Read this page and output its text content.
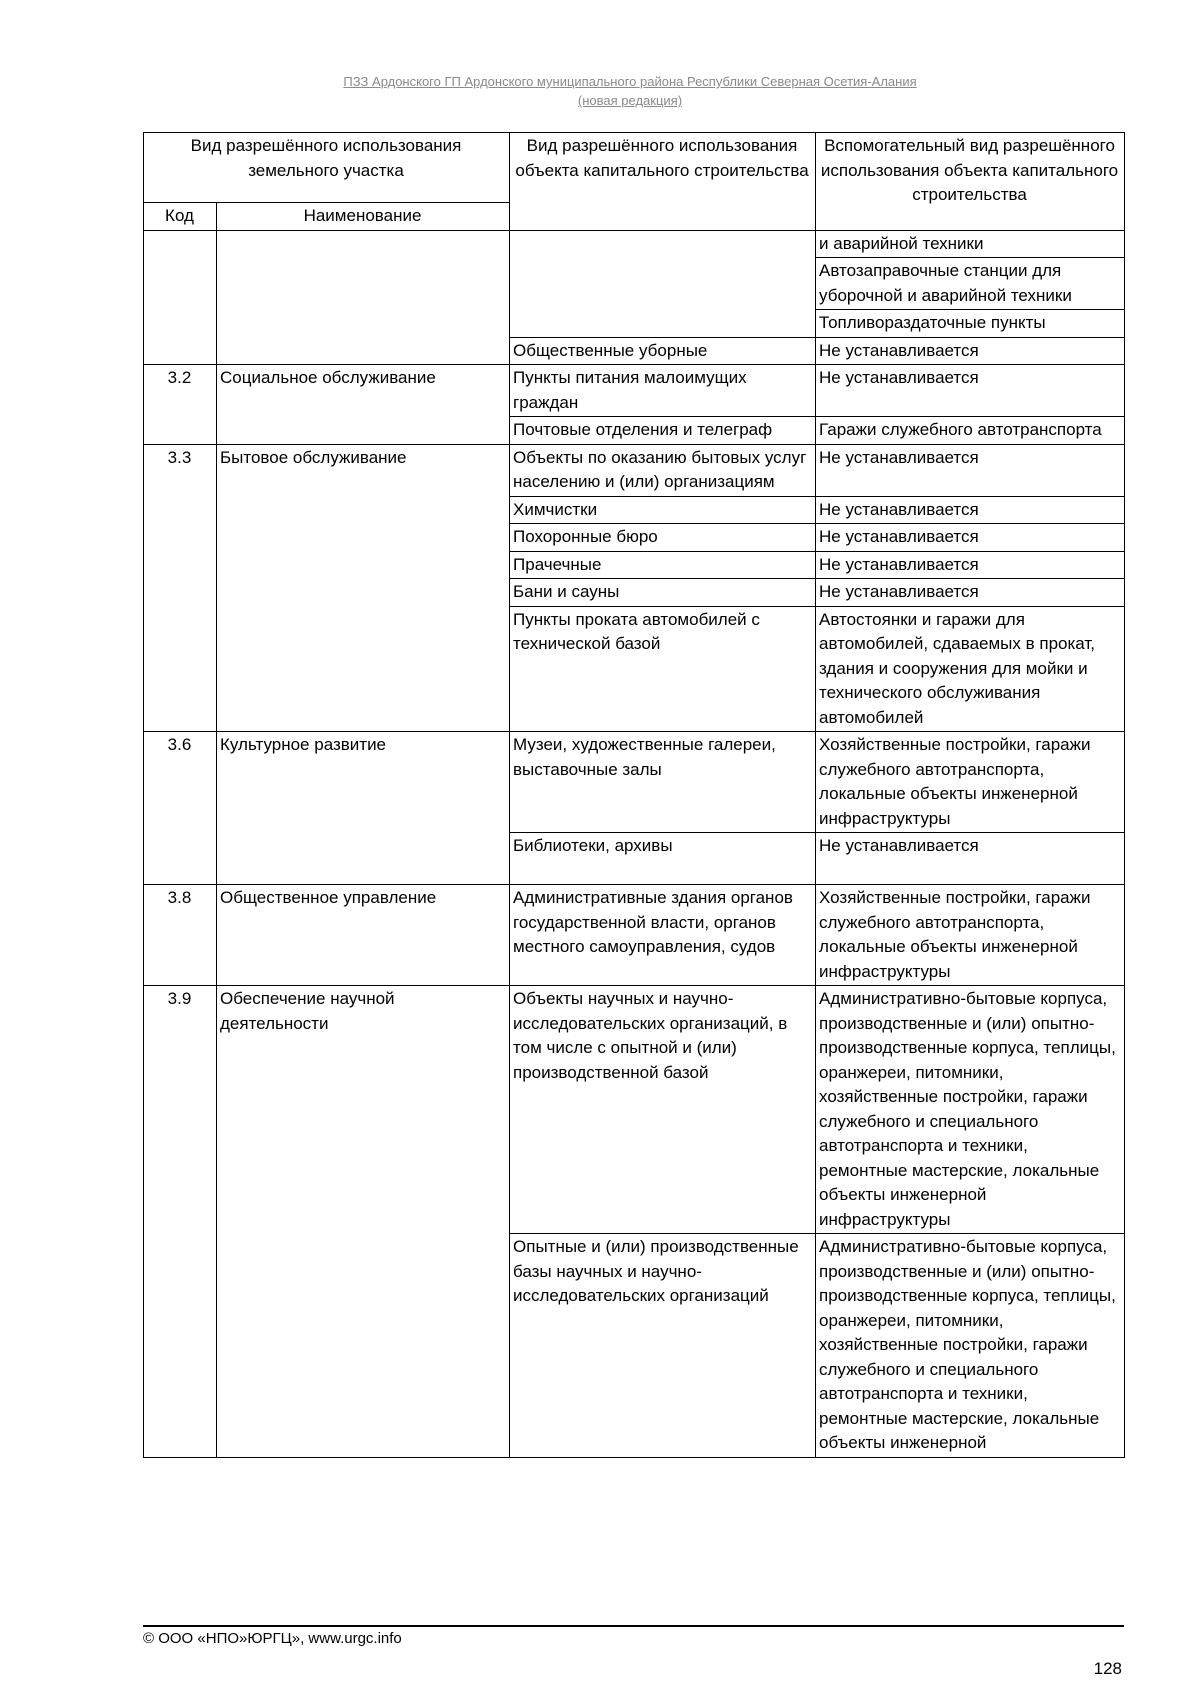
ПЗЗ Ардонского ГП Ардонского муниципального района Республики Северная Осетия-Алания
(новая редакция)
Вид разрешённого использования земельного участка		Вид разрешённого использования объекта капитального строительства	Вспомогательный вид разрешённого использования объекта капитального строительства
Код	Наименование		
			и аварийной техники
			Автозаправочные станции для уборочной и аварийной техники
			Топливораздаточные пункты
		Общественные уборные	Не устанавливается
3.2	Социальное обслуживание	Пункты питания малоимущих граждан	Не устанавливается
		Почтовые отделения и телеграф	Гаражи служебного автотранспорта
3.3	Бытовое обслуживание	Объекты по оказанию бытовых услуг населению и (или) организациям	Не устанавливается
		Химчистки	Не устанавливается
		Похоронные бюро	Не устанавливается
		Прачечные	Не устанавливается
		Бани и сауны	Не устанавливается
		Пункты проката автомобилей с технической базой	Автостоянки и гаражи для автомобилей, сдаваемых в прокат, здания и сооружения для мойки и технического обслуживания автомобилей
3.6	Культурное развитие	Музеи, художественные галереи, выставочные залы	Хозяйственные постройки, гаражи служебного автотранспорта, локальные объекты инженерной инфраструктуры
		Библиотеки, архивы	Не устанавливается
3.8	Общественное управление	Административные здания органов государственной власти, органов местного самоуправления, судов	Хозяйственные постройки, гаражи служебного автотранспорта, локальные объекты инженерной инфраструктуры
3.9	Обеспечение научной деятельности	Объекты научных и научно-исследовательских организаций, в том числе с опытной и (или) производственной базой	Административно-бытовые корпуса, производственные и (или) опытно-производственные корпуса, теплицы, оранжереи, питомники, хозяйственные постройки, гаражи служебного и специального автотранспорта и техники, ремонтные мастерские, локальные объекты инженерной инфраструктуры
		Опытные и (или) производственные базы научных и научно-исследовательских организаций	Административно-бытовые корпуса, производственные и (или) опытно-производственные корпуса, теплицы, оранжереи, питомники, хозяйственные постройки, гаражи служебного и специального автотранспорта и техники, ремонтные мастерские, локальные объекты инженерной
© ООО «НПО»ЮРГЦ», www.urgc.info
128
